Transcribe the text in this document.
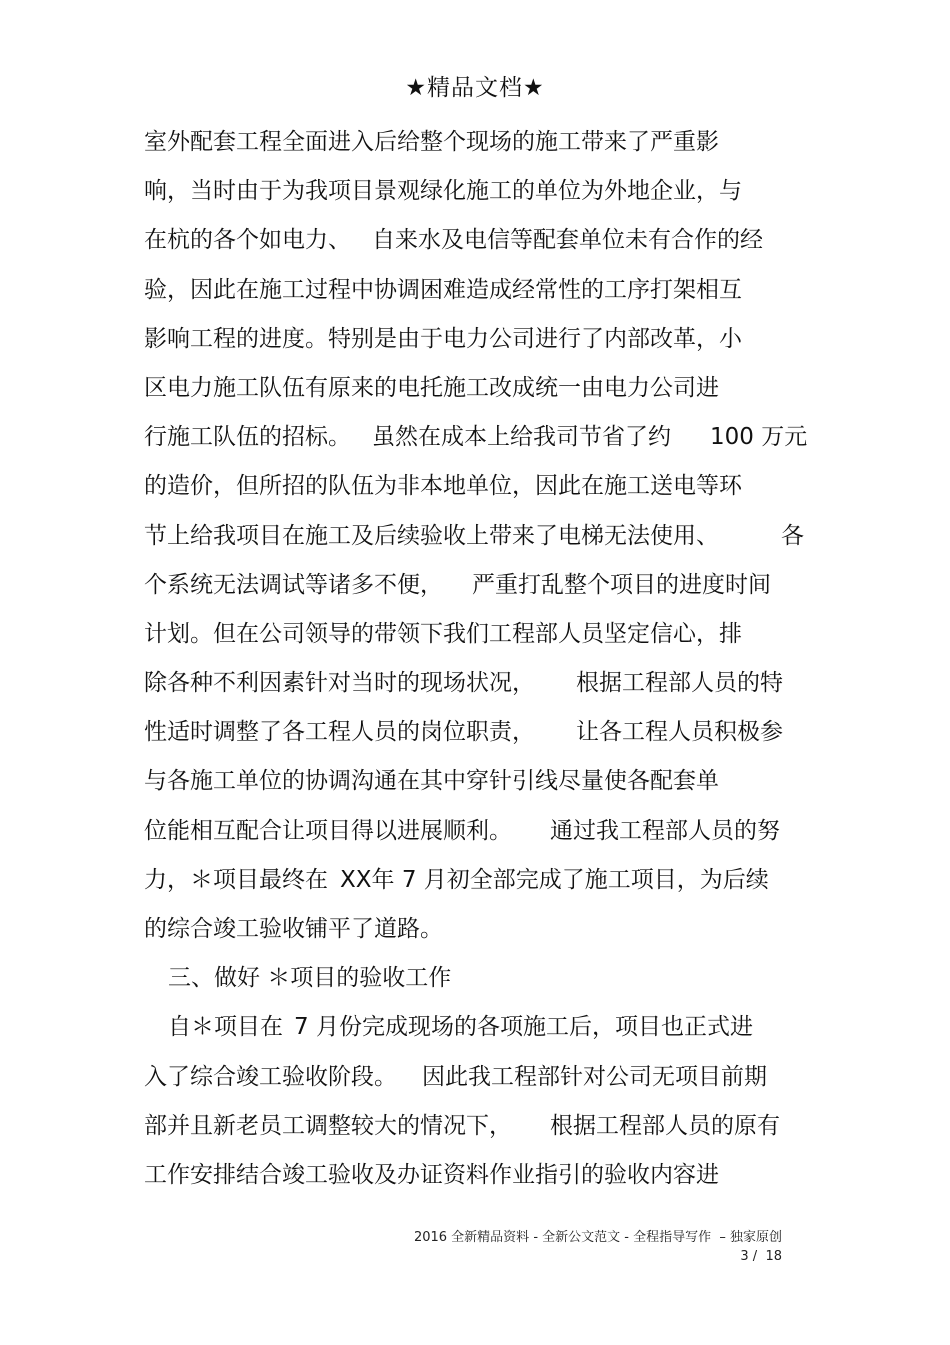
★精品文档★
室外配套工程全面进入后给整个现场的施工带来了严重影
响，当时由于为我项目景观绿化施工的单位为外地企业，与
在杭的各个如电力、 自来水及电信等配套单位未有合作的经
验，因此在施工过程中协调困难造成经常性的工序打架相互
影响工程的进度。特别是由于电力公司进行了内部改革，小
区电力施工队伍有原来的电托施工改成统一由电力公司进
行施工队伍的招标。 虽然在成本上给我司节省了约 100 万元
的造价，但所招的队伍为非本地单位，因此在施工送电等环
节上给我项目在施工及后续验收上带来了电梯无法使用、	各
个系统无法调试等诸多不便， 严重打乱整个项目的进度时间
计划。但在公司领导的带领下我们工程部人员坚定信心，排
除各种不利因素针对当时的现场状况， 根据工程部人员的特
性适时调整了各工程人员的岗位职责， 让各工程人员积极参
与各施工单位的协调沟通在其中穿针引线尽量使各配套单
位能相互配合让项目得以进展顺利。 通过我工程部人员的努
力，＊项目最终在 XX年 7 月初全部完成了施工项目，为后续
的综合竣工验收铺平了道路。
三、做好 ＊项目的验收工作
自＊项目在 7 月份完成现场的各项施工后，项目也正式进
入了综合竣工验收阶段。 因此我工程部针对公司无项目前期
部并且新老员工调整较大的情况下， 根据工程部人员的原有
工作安排结合竣工验收及办证资料作业指引的验收内容进
2016 全新精品资料 - 全新公文范文 - 全程指导写作  – 独家原创
3 /  18
